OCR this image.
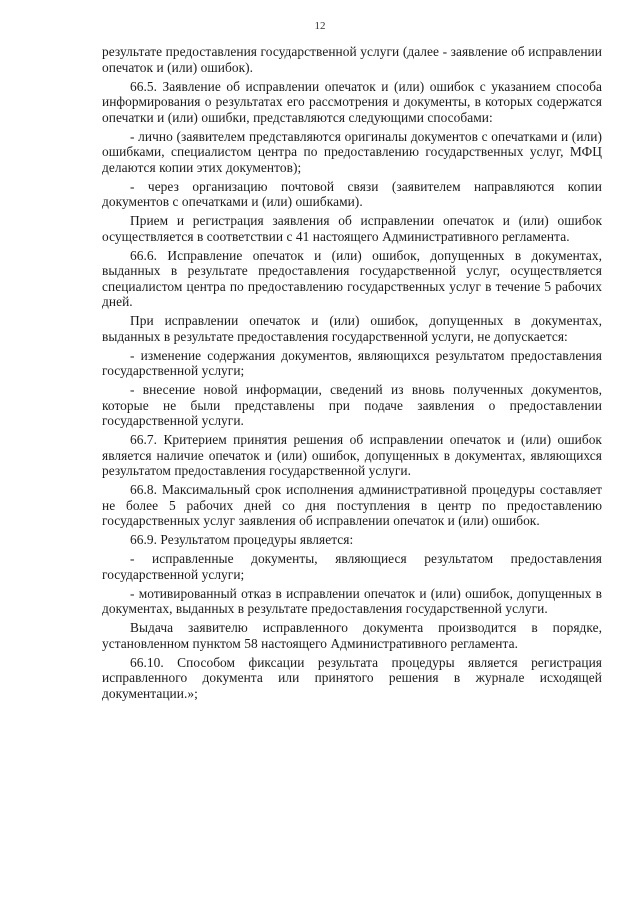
12

результате предоставления государственной услуги (далее - заявление об исправлении опечаток и (или) ошибок).

66.5. Заявление об исправлении опечаток и (или) ошибок с указанием способа информирования о результатах его рассмотрения и документы, в которых содержатся опечатки и (или) ошибки, представляются следующими способами:

- лично (заявителем представляются оригиналы документов с опечатками и (или) ошибками, специалистом центра по предоставлению государственных услуг, МФЦ делаются копии этих документов);

- через организацию почтовой связи (заявителем направляются копии документов с опечатками и (или) ошибками).

Прием и регистрация заявления об исправлении опечаток и (или) ошибок осуществляется в соответствии с 41 настоящего Административного регламента.

66.6. Исправление опечаток и (или) ошибок, допущенных в документах, выданных в результате предоставления государственной услуг, осуществляется специалистом центра по предоставлению государственных услуг в течение 5 рабочих дней.

При исправлении опечаток и (или) ошибок, допущенных в документах, выданных в результате предоставления государственной услуги, не допускается:

- изменение содержания документов, являющихся результатом предоставления государственной услуги;

- внесение новой информации, сведений из вновь полученных документов, которые не были представлены при подаче заявления о предоставлении государственной услуги.

66.7. Критерием принятия решения об исправлении опечаток и (или) ошибок является наличие опечаток и (или) ошибок, допущенных в документах, являющихся результатом предоставления государственной услуги.

66.8. Максимальный срок исполнения административной процедуры составляет не более 5 рабочих дней со дня поступления в центр по предоставлению государственных услуг заявления об исправлении опечаток и (или) ошибок.

66.9. Результатом процедуры является:

- исправленные документы, являющиеся результатом предоставления государственной услуги;

- мотивированный отказ в исправлении опечаток и (или) ошибок, допущенных в документах, выданных в результате предоставления государственной услуги.

Выдача заявителю исправленного документа производится в порядке, установленном пунктом 58 настоящего Административного регламента.

66.10. Способом фиксации результата процедуры является регистрация исправленного документа или принятого решения в журнале исходящей документации.»;
